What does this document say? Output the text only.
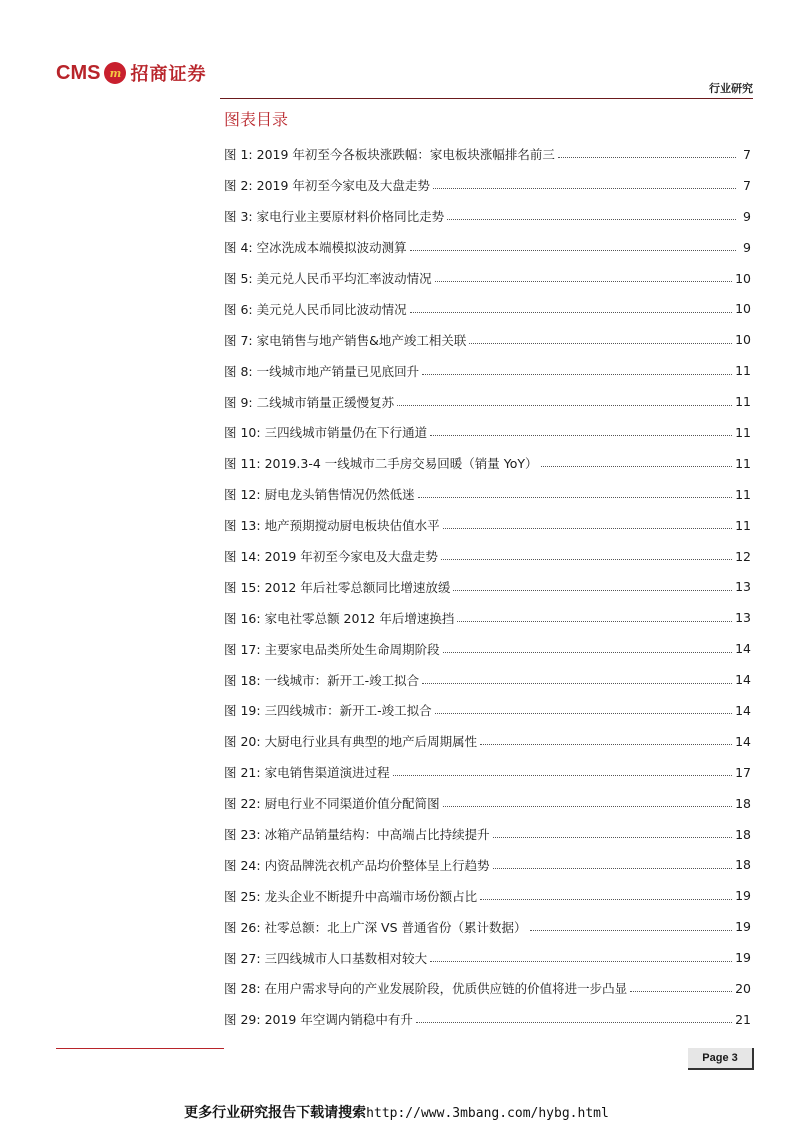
CMS m 招商证券
行业研究
图表目录
图 1:
2019 年初至今各板块涨跌幅：家电板块涨幅排名前三	7
图 2:
2019 年初至今家电及大盘走势	7
图 3:
家电行业主要原材料价格同比走势	9
图 4:
空冰洗成本端模拟波动测算	9
图 5:
美元兑人民币平均汇率波动情况	10
图 6:
美元兑人民币同比波动情况	10
图 7:
家电销售与地产销售&地产竣工相关联	10
图 8:
一线城市地产销量已见底回升	11
图 9:
二线城市销量正缓慢复苏	11
图 10:
三四线城市销量仍在下行通道	11
图 11:
2019.3-4 一线城市二手房交易回暖（销量 YoY）	11
图 12:
厨电龙头销售情况仍然低迷	11
图 13:
地产预期搅动厨电板块估值水平	11
图 14:
2019 年初至今家电及大盘走势	12
图 15:
2012 年后社零总额同比增速放缓	13
图 16:
家电社零总额 2012 年后增速换挡	13
图 17:
主要家电品类所处生命周期阶段	14
图 18:
一线城市：新开工-竣工拟合	14
图 19:
三四线城市：新开工-竣工拟合	14
图 20:
大厨电行业具有典型的地产后周期属性	14
图 21:
家电销售渠道演进过程	17
图 22:
厨电行业不同渠道价值分配简图	18
图 23:
冰箱产品销量结构：中高端占比持续提升	18
图 24:
内资品牌洗衣机产品均价整体呈上行趋势	18
图 25:
龙头企业不断提升中高端市场份额占比	19
图 26:
社零总额：北上广深 VS 普通省份（累计数据）	19
图 27:
三四线城市人口基数相对较大	19
图 28:
在用户需求导向的产业发展阶段，优质供应链的价值将进一步凸显	20
图 29:
2019 年空调内销稳中有升	21
Page 3
更多行业研究报告下载请搜索http://www.3mbang.com/hybg.html
